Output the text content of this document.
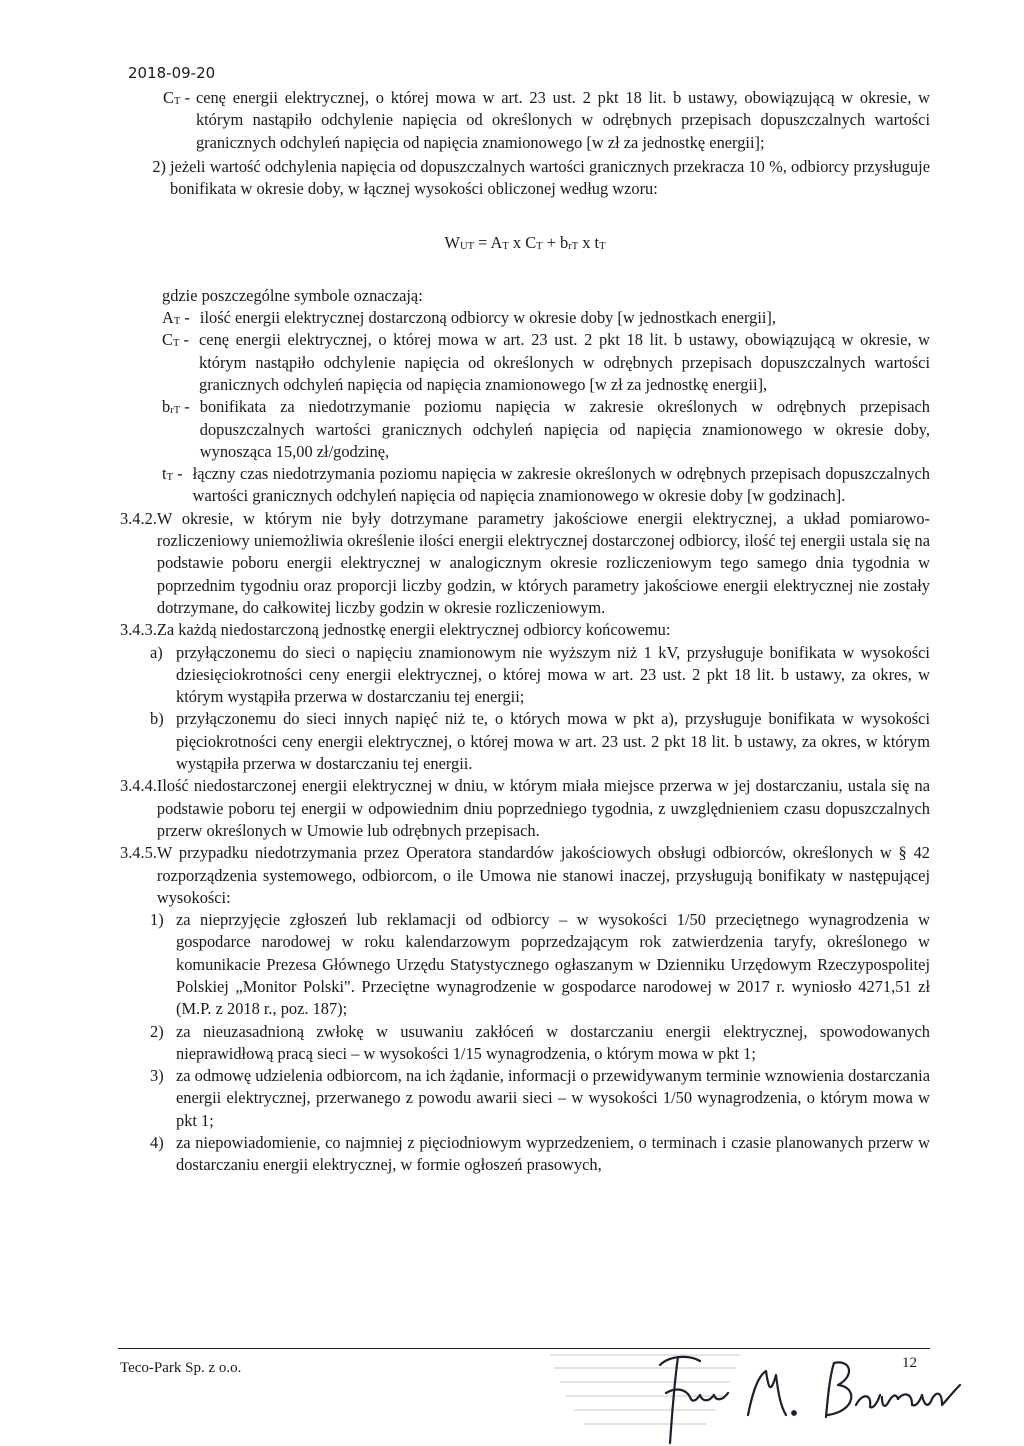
2018-09-20
$C_T$ - cenę energii elektrycznej, o której mowa w art. 23 ust. 2 pkt 18 lit. b ustawy, obowiązującą w okresie, w którym nastąpiło odchylenie napięcia od określonych w odrębnych przepisach dopuszczalnych wartości granicznych odchyleń napięcia od napięcia znamionowego [w zł za jednostkę energii];
2) jeżeli wartość odchylenia napięcia od dopuszczalnych wartości granicznych przekracza 10 %, odbiorcy przysługuje bonifikata w okresie doby, w łącznej wysokości obliczonej według wzoru:
$W_{UT} = A_T$ x $C_T + b_{rT}$ x $t_T$
gdzie poszczególne symbole oznaczają:
$A_T$ - ilość energii elektrycznej dostarczoną odbiorcy w okresie doby [w jednostkach energii],
$C_T$ - cenę energii elektrycznej, o której mowa w art. 23 ust. 2 pkt 18 lit. b ustawy, obowiązującą w okresie, w którym nastąpiło odchylenie napięcia od określonych w odrębnych przepisach dopuszczalnych wartości granicznych odchyleń napięcia od napięcia znamionowego [w zł za jednostkę energii],
$b_{rT}$ - bonifikata za niedotrzymanie poziomu napięcia w zakresie określonych w odrębnych przepisach dopuszczalnych wartości granicznych odchyleń napięcia od napięcia znamionowego w okresie doby, wynosząca 15,00 zł/godzinę,
$t_T$ - łączny czas niedotrzymania poziomu napięcia w zakresie określonych w odrębnych przepisach dopuszczalnych wartości granicznych odchyleń napięcia od napięcia znamionowego w okresie doby [w godzinach].
3.4.2. W okresie, w którym nie były dotrzymane parametry jakościowe energii elektrycznej, a układ pomiarowo-rozliczeniowy uniemożliwia określenie ilości energii elektrycznej dostarczonej odbiorcy, ilość tej energii ustala się na podstawie poboru energii elektrycznej w analogicznym okresie rozliczeniowym tego samego dnia tygodnia w poprzednim tygodniu oraz proporcji liczby godzin, w których parametry jakościowe energii elektrycznej nie zostały dotrzymane, do całkowitej liczby godzin w okresie rozliczeniowym.
3.4.3. Za każdą niedostarczoną jednostkę energii elektrycznej odbiorcy końcowemu:
a) przyłączonemu do sieci o napięciu znamionowym nie wyższym niż 1 kV, przysługuje bonifikata w wysokości dziesięciokrotności ceny energii elektrycznej, o której mowa w art. 23 ust. 2 pkt 18 lit. b ustawy, za okres, w którym wystąpiła przerwa w dostarczaniu tej energii;
b) przyłączonemu do sieci innych napięć niż te, o których mowa w pkt a), przysługuje bonifikata w wysokości pięciokrotności ceny energii elektrycznej, o której mowa w art. 23 ust. 2 pkt 18 lit. b ustawy, za okres, w którym wystąpiła przerwa w dostarczaniu tej energii.
3.4.4. Ilość niedostarczonej energii elektrycznej w dniu, w którym miała miejsce przerwa w jej dostarczaniu, ustala się na podstawie poboru tej energii w odpowiednim dniu poprzedniego tygodnia, z uwzględnieniem czasu dopuszczalnych przerw określonych w Umowie lub odrębnych przepisach.
3.4.5. W przypadku niedotrzymania przez Operatora standardów jakościowych obsługi odbiorców, określonych w § 42 rozporządzenia systemowego, odbiorcom, o ile Umowa nie stanowi inaczej, przysługują bonifikaty w następującej wysokości:
1) za nieprzyjęcie zgłoszeń lub reklamacji od odbiorcy – w wysokości 1/50 przeciętnego wynagrodzenia w gospodarce narodowej w roku kalendarzowym poprzedzającym rok zatwierdzenia taryfy, określonego w komunikacie Prezesa Głównego Urzędu Statystycznego ogłaszanym w Dzienniku Urzędowym Rzeczypospolitej Polskiej „Monitor Polski". Przeciętne wynagrodzenie w gospodarce narodowej w 2017 r. wyniosło 4271,51 zł (M.P. z 2018 r., poz. 187);
2) za nieuzasadnioną zwłokę w usuwaniu zakłóceń w dostarczaniu energii elektrycznej, spowodowanych nieprawidłową pracą sieci – w wysokości 1/15 wynagrodzenia, o którym mowa w pkt 1;
3) za odmowę udzielenia odbiorcom, na ich żądanie, informacji o przewidywanym terminie wznowienia dostarczania energii elektrycznej, przerwanego z powodu awarii sieci – w wysokości 1/50 wynagrodzenia, o którym mowa w pkt 1;
4) za niepowiadomienie, co najmniej z pięciodniowym wyprzedzeniem, o terminach i czasie planowanych przerw w dostarczaniu energii elektrycznej, w formie ogłoszeń prasowych,
Teco-Park Sp. z o.o.	12
